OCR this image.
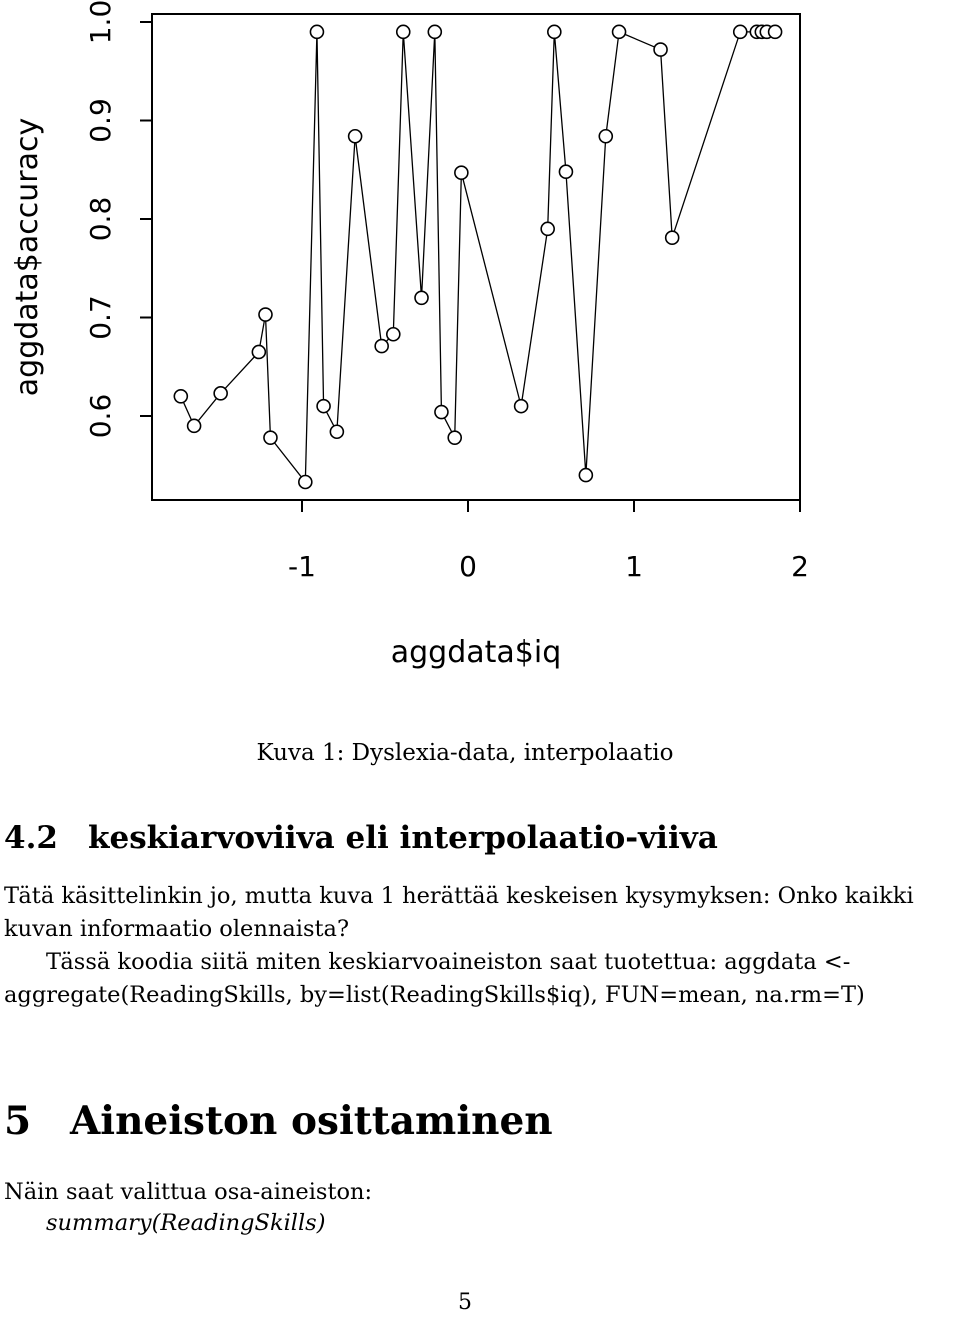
0.6
0.7
0.8
0.9
1.0
-1	0	1	2
aggdata$iq
aggdata$accuracy
Kuva 1: Dyslexia-data, interpolaatio
4.2 keskiarvoviiva eli interpolaatio-viiva

Tätä käsittelinkin jo, mutta kuva 1 herättää keskeisen kysymyksen: Onko kaikki kuvan informaatio olennaista?

Tässä koodia siitä miten keskiarvoaineiston saat tuotettua: aggdata <-aggregate(ReadingSkills, by=list(ReadingSkills$iq), FUN=mean, na.rm=T)

5 Aineiston osittaminen

Näin saat valittua osa-aineiston:

summary(ReadingSkills)
5
